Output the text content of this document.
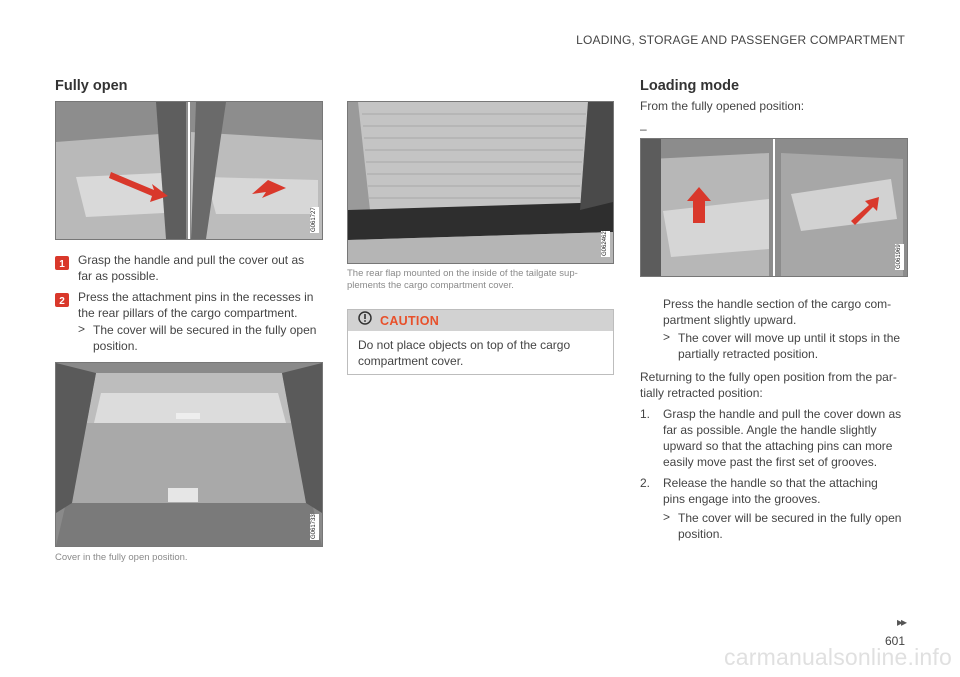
LOADING, STORAGE AND PASSENGER COMPARTMENT
Fully open
G061727
1 Grasp the handle and pull the cover out as
far as possible.
2 Press the attachment pins in the recesses in
the rear pillars of the cargo compartment.
> The cover will be secured in the fully open
position.
G061733
Cover in the fully open position.
G062462
The rear flap mounted on the inside of the tailgate sup-
plements the cargo compartment cover.
CAUTION
Do not place objects on top of the cargo
compartment cover.
Loading mode
From the fully opened position:
–
G061969
Press the handle section of the cargo com-
partment slightly upward.
> The cover will move up until it stops in the
partially retracted position.
Returning to the fully open position from the par-
tially retracted position:
1. Grasp the handle and pull the cover down as
far as possible. Angle the handle slightly
upward so that the attaching pins can more
easily move past the first set of grooves.
2. Release the handle so that the attaching
pins engage into the grooves.
> The cover will be secured in the fully open
position.
▸▸
601
carmanualsonline.info
